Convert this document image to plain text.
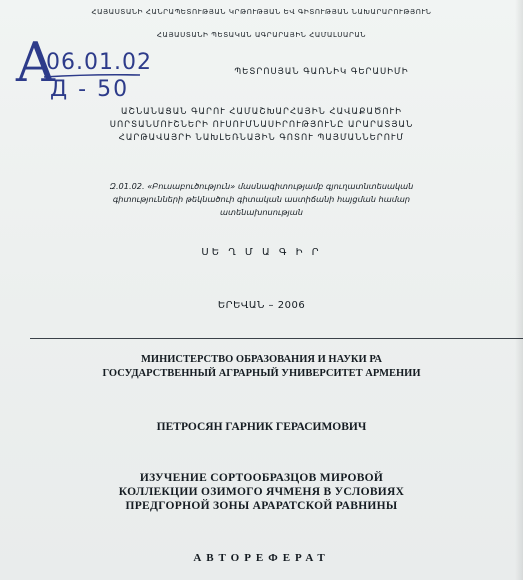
ՀԱՅԱՍՏԱՆԻ ՀԱՆՐԱՊԵՏՈՒԹՅԱՆ ԿՐԹՈՒԹՅԱՆ ԵՎ ԳԻՏՈՒԹՅԱՆ ՆԱԽԱՐԱՐՈՒԹՅՈՒՆ
ՀԱՅԱՍՏԱՆԻ ՊԵՏԱԿԱՆ ԱԳՐԱՐԱՅԻՆ ՀԱՄԱԼՍԱՐԱՆ
А
06.01.02
Д - 50
ՊԵՏՐՈՍՅԱՆ ԳԱՌՆԻԿ ԳԵՐԱՍԻՄԻ
ԱՇՆԱՆԱՑԱՆ ԳԱՐՈՒ ՀԱՄԱՇԽԱՐՀԱՅԻՆ ՀԱՎԱՔԱԾՈՒԻ
ՍՈՐՏԱՆՄՈՒՇՆԵՐԻ ՈՒՍՈՒՄՆԱՍԻՐՈՒԹՅՈՒՆԸ ԱՐԱՐԱՏՅԱՆ
ՀԱՐԹԱՎԱՅՐԻ ՆԱԽԼԵՌՆԱՅԻՆ ԳՈՏՈՒ ՊԱՅՄԱՆՆԵՐՈՒՄ
Զ.01.02. «Բուսաբուծություն» մասնագիտությամբ գյուղատնտեսական
գիտությունների թեկնածուի գիտական աստիճանի հայցման համար
ատենախոսության
ՍԵ Ղ Մ Ա Գ Ի Ր
ԵՐԵՎԱՆ – 2006
МИНИСТЕРСТВО ОБРАЗОВАНИЯ И НАУКИ РА
ГОСУДАРСТВЕННЫЙ АГРАРНЫЙ УНИВЕРСИТЕТ АРМЕНИИ
ПЕТРОСЯН ГАРНИК ГЕРАСИМОВИЧ
ИЗУЧЕНИЕ СОРТООБРАЗЦОВ МИРОВОЙ
КОЛЛЕКЦИИ ОЗИМОГО ЯЧМЕНЯ В УСЛОВИЯХ
ПРЕДГОРНОЙ ЗОНЫ АРАРАТСКОЙ РАВНИНЫ
АВТОРЕФЕРАТ
